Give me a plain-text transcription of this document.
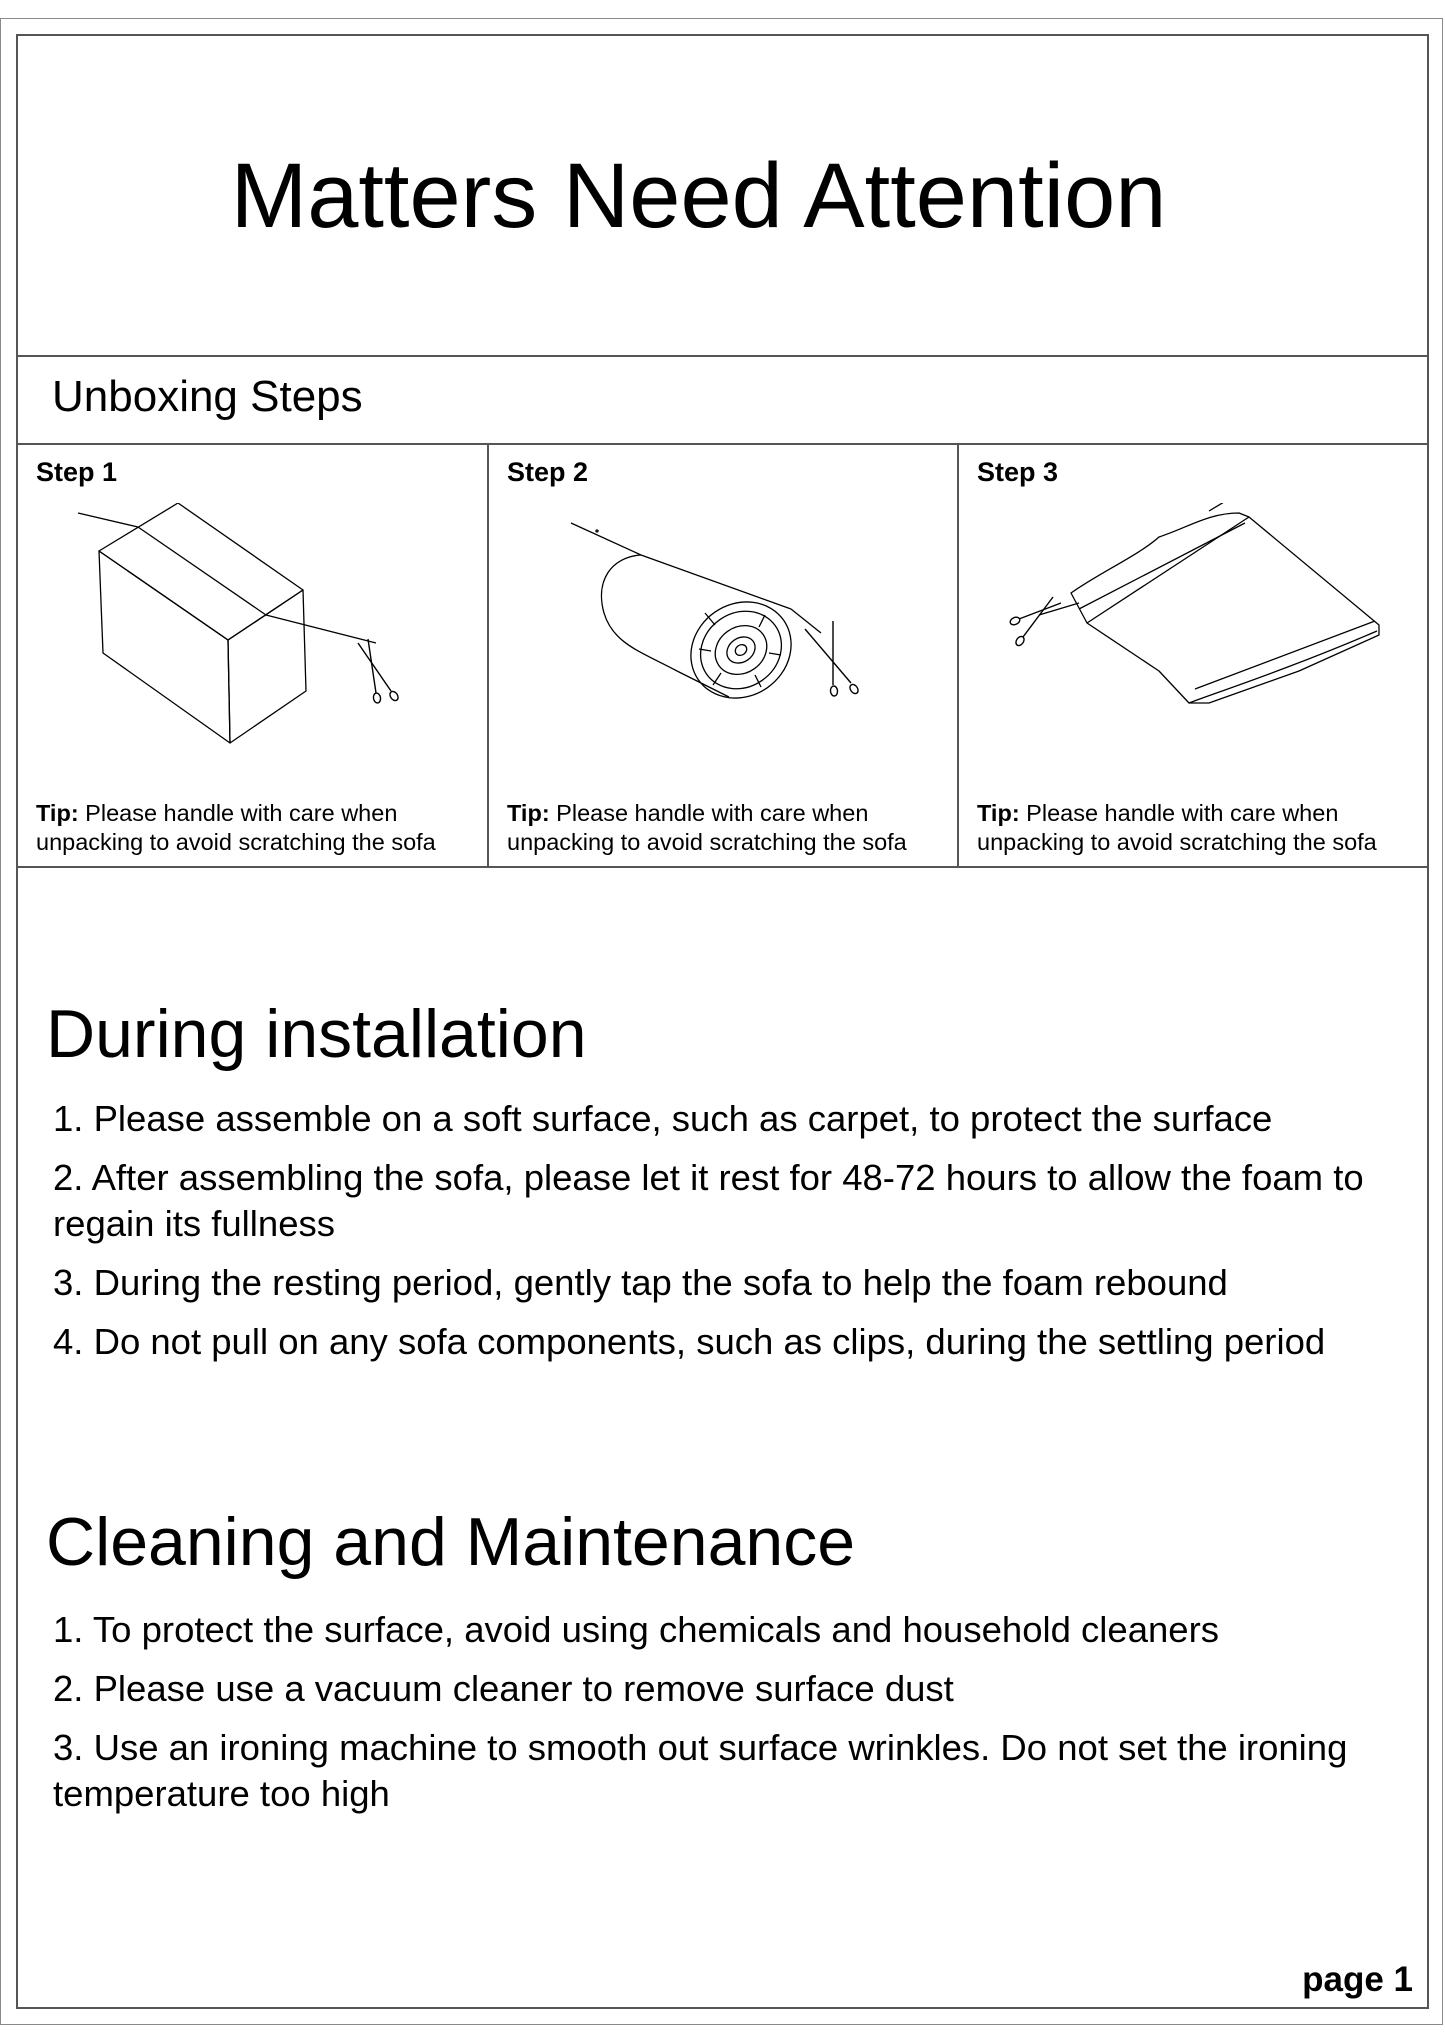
Matters Need Attention
Unboxing Steps
Step 1
Tip: Please handle with care when
unpacking to avoid scratching the sofa
Step 2
Tip: Please handle with care when
unpacking to avoid scratching the sofa
Step 3
Tip: Please handle with care when
unpacking to avoid scratching the sofa
During installation
1. Please assemble on a soft surface, such as carpet, to protect the surface
2. After assembling the sofa, please let it rest for 48-72 hours to allow the foam to regain its fullness
3. During the resting period, gently tap the sofa to help the foam rebound
4. Do not pull on any sofa components, such as clips, during the settling period
Cleaning and Maintenance
1. To protect the surface, avoid using chemicals and household cleaners
2. Please use a vacuum cleaner to remove surface dust
3. Use an ironing machine to smooth out surface wrinkles. Do not set the ironing temperature too high
page 1
